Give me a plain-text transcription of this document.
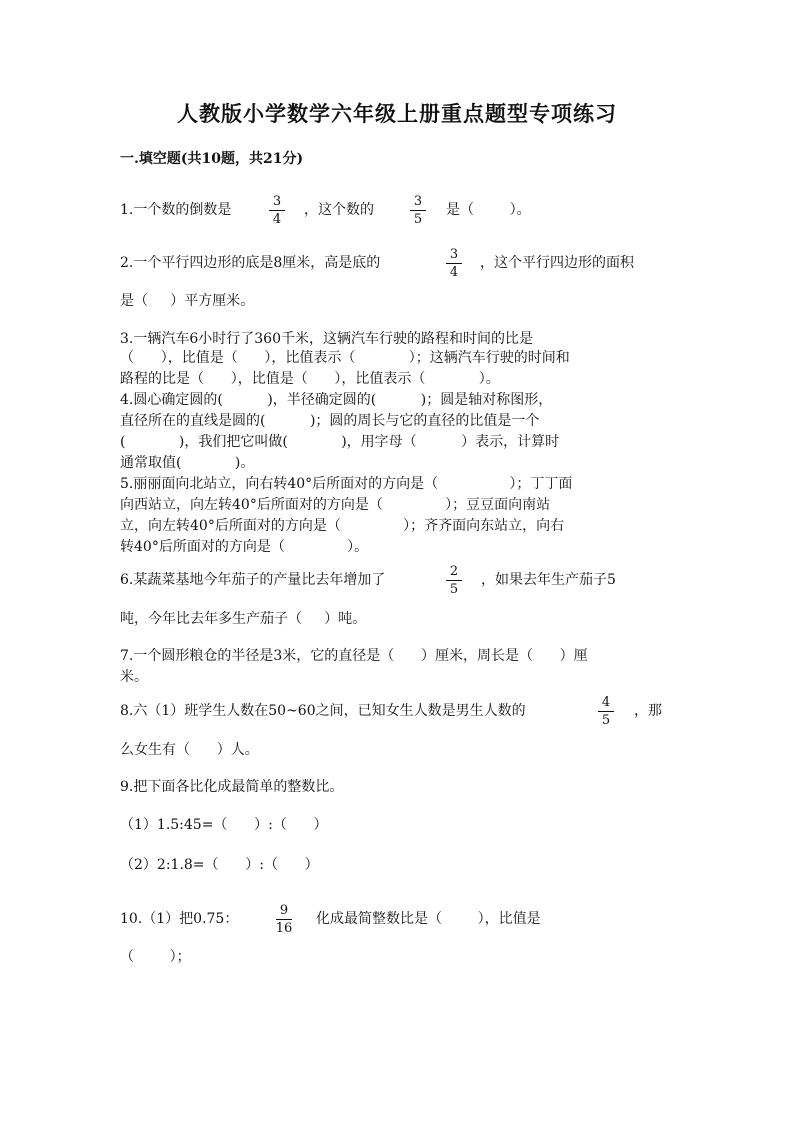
人教版小学数学六年级上册重点题型专项练习
一.填空题(共10题，共21分)
1.一个数的倒数是
3
4
，这个数的
3
5
是（        ）。
2.一个平行四边形的底是8厘米，高是底的
3
4
，这个平行四边形的面积
是（     ）平方厘米。
3.一辆汽车6小时行了360千米，这辆汽车行驶的路程和时间的比是
（      ），比值是（      ），比值表示（            ）；这辆汽车行驶的时间和
路程的比是（      ），比值是（      ），比值表示（            ）。
4.圆心确定圆的(          )，半径确定圆的(          )；圆是轴对称图形，
直径所在的直线是圆的(          )；圆的周长与它的直径的比值是一个
(            )，我们把它叫做(            )，用字母（          ）表示，计算时
通常取值(            )。
5.丽丽面向北站立，向右转40°后所面对的方向是（                ）；丁丁面
向西站立，向左转40°后所面对的方向是（              ）；豆豆面向南站
立，向左转40°后所面对的方向是（              ）；齐齐面向东站立，向右
转40°后所面对的方向是（              ）。
6.某蔬菜基地今年茄子的产量比去年增加了
2
5
，如果去年生产茄子5
吨，今年比去年多生产茄子（     ）吨。
7.一个圆形粮仓的半径是3米，它的直径是（      ）厘米，周长是（      ）厘
米。
8.六（1）班学生人数在50~60之间，已知女生人数是男生人数的
4
5
，那
么女生有（      ）人。
9.把下面各比化成最简单的整数比。
（1）1.5:45=（      ）:（      ）
（2）2:1.8=（      ）:（      ）
10.（1）把0.75：
9
16
化成最简整数比是（        ），比值是
（        ）；
